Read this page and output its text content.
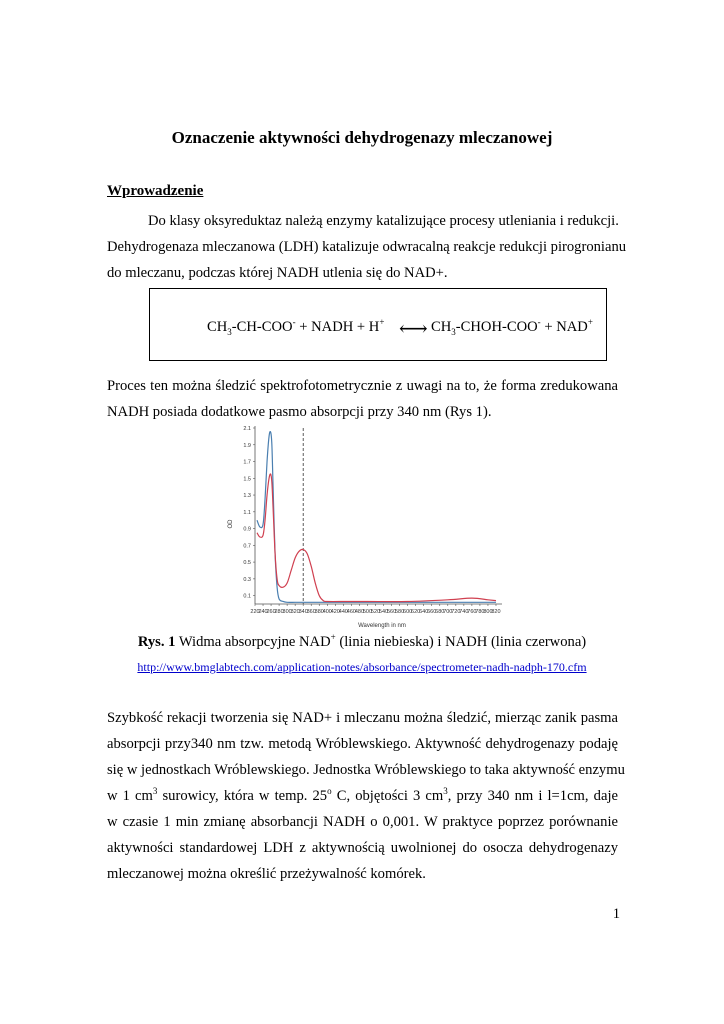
Oznaczenie aktywności dehydrogenazy mleczanowej
Wprowadzenie
Do klasy oksyreduktaz należą enzymy katalizujące procesy utleniania i redukcji.
Dehydrogenaza mleczanowa (LDH) katalizuje odwracalną reakcje redukcji pirogronianu
do mleczanu, podczas której NADH utlenia się do NAD+.
$CH_3-CH-COO^-$ + NADH + H+ ⟷ $CH_3-CHOH-COO^- + NAD^+$
Proces ten można śledzić spektrofotometrycznie z uwagi na to, że forma zredukowana
NADH posiada dodatkowe pasmo absorpcji przy 340 nm (Rys 1).
0.1
0.3
0.5
0.7
0.9
1.1
1.3
1.5
1.7
1.9
2.1
220
240
260
280
300
320
340
360
380
400
420
440
460
480
500
520
540
560
580
600
620
640
660
680
700
720
740
760
780
800
820
Wavelength in nm
OD
Rys. 1 Widma absorpcyjne NAD+ (linia niebieska) i NADH (linia czerwona)
http://www.bmglabtech.com/application-notes/absorbance/spectrometer-nadh-nadph-170.cfm
Szybkość rekacji tworzenia się NAD+ i mleczanu można śledzić, mierząc zanik pasma
absorpcji przy340 nm tzw. metodą Wróblewskiego. Aktywność dehydrogenazy podaję
się w jednostkach Wróblewskiego. Jednostka Wróblewskiego to taka aktywność enzymu
w 1 $cm^3$ surowicy, która w temp. 25$^o$ C, objętości 3 $cm^3$, przy 340 nm i l=1cm, daje
w czasie 1 min zmianę absorbancji NADH o 0,001. W praktyce poprzez porównanie
aktywności standardowej LDH z aktywnością uwolnionej do osocza dehydrogenazy
mleczanowej można określić przeżywalność komórek.
1
